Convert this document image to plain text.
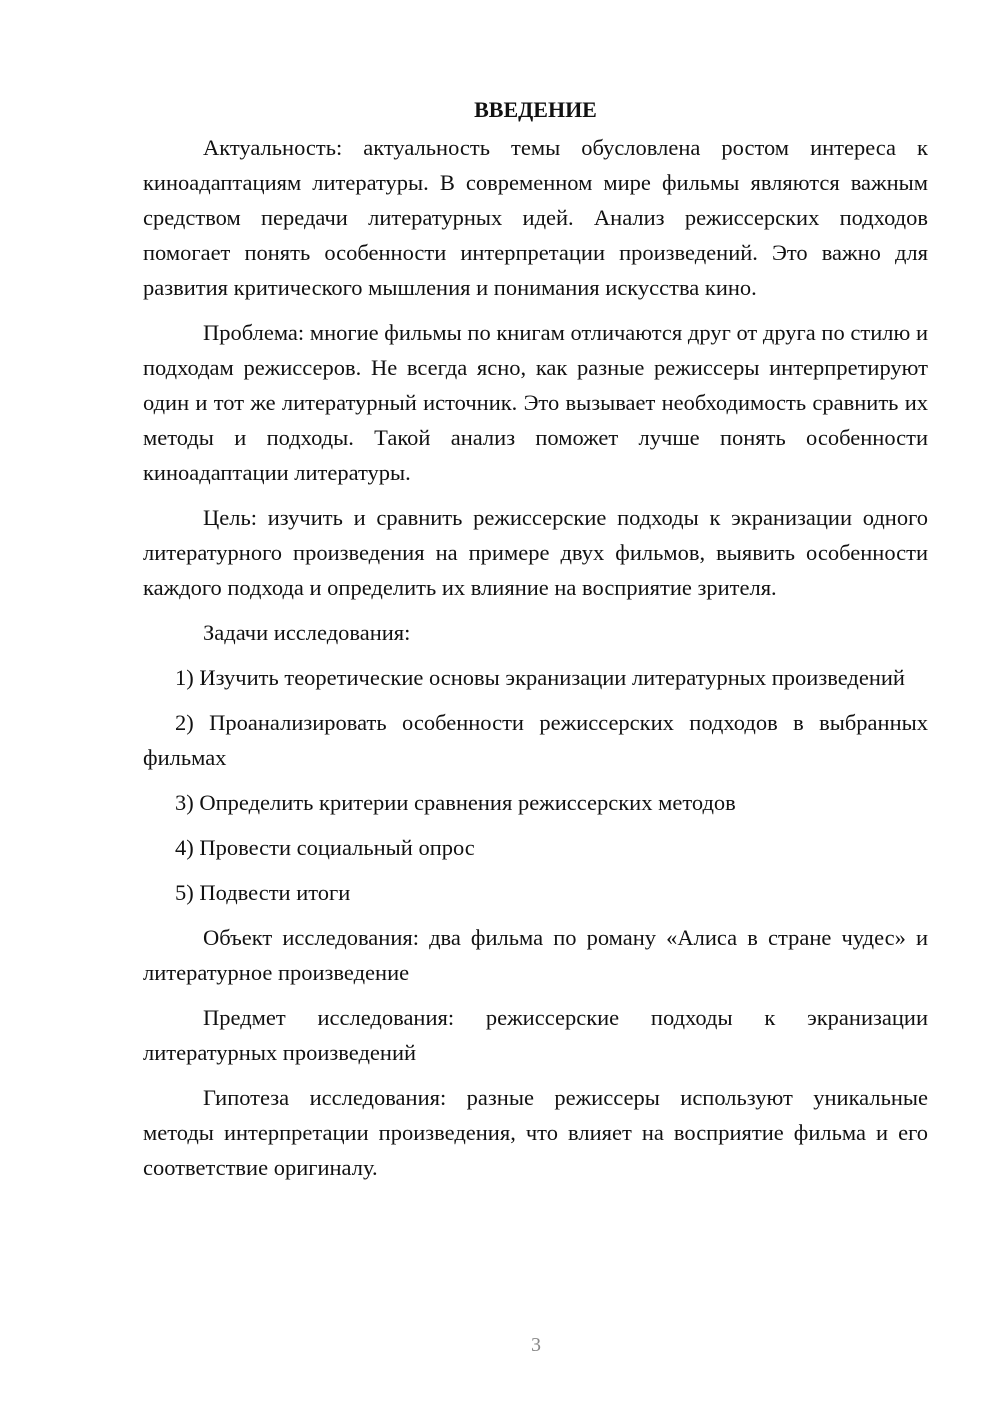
ВВЕДЕНИЕ

Актуальность: актуальность темы обусловлена ростом интереса к киноадаптациям литературы. В современном мире фильмы являются важным средством передачи литературных идей. Анализ режиссерских подходов помогает понять особенности интерпретации произведений. Это важно для развития критического мышления и понимания искусства кино.

Проблема: многие фильмы по книгам отличаются друг от друга по стилю и подходам режиссеров. Не всегда ясно, как разные режиссеры интерпретируют один и тот же литературный источник. Это вызывает необходимость сравнить их методы и подходы. Такой анализ поможет лучше понять особенности киноадаптации литературы.

Цель: изучить и сравнить режиссерские подходы к экранизации одного литературного произведения на примере двух фильмов, выявить особенности каждого подхода и определить их влияние на восприятие зрителя.

Задачи исследования:

1) Изучить теоретические основы экранизации литературных произведений

2) Проанализировать особенности режиссерских подходов в выбранных фильмах

3) Определить критерии сравнения режиссерских методов

4) Провести социальный опрос

5) Подвести итоги

Объект исследования: два фильма по роману «Алиса в стране чудес» и литературное произведение

Предмет исследования: режиссерские подходы к экранизации литературных произведений

Гипотеза исследования: разные режиссеры используют уникальные методы интерпретации произведения, что влияет на восприятие фильма и его соответствие оригиналу.

3
